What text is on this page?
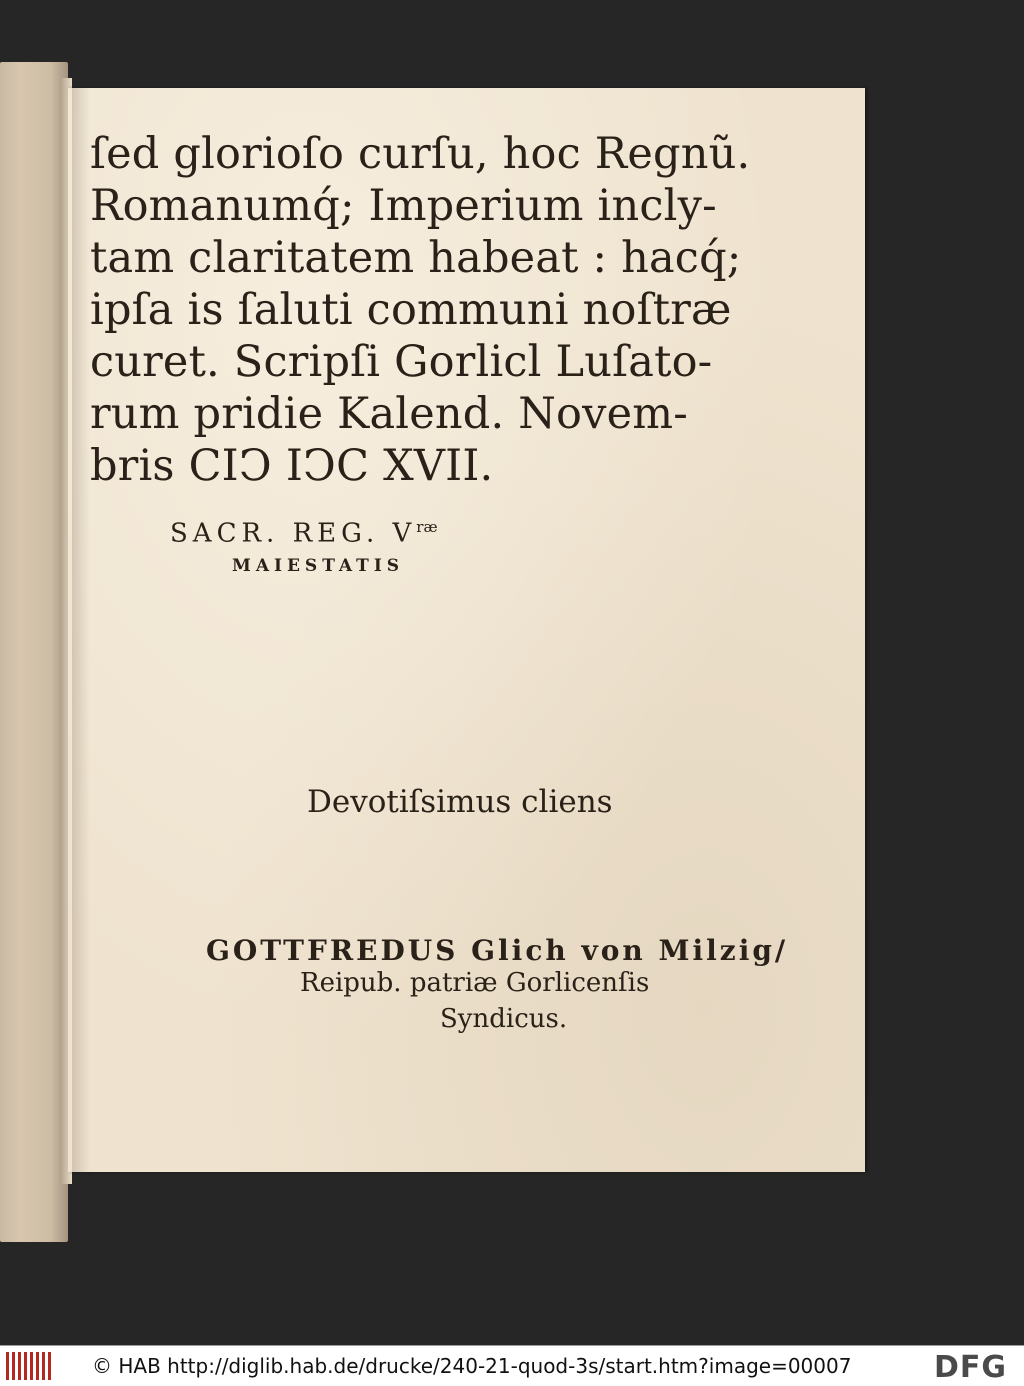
ſed glorioſo curſu, hoc Regnũ.
Romanumq́; Imperium incly-
tam claritatem habeat : hacq́;
ipſa is ſaluti communi noſtræ
curet. Scripſi Gorlicl Luſato-
rum pridie Kalend. Novem-
bris CIↃ IↃC XVII.
SACR. REG. $V^{ræ}$
MAIESTATIS
Devotiſsimus cliens
GOTTFREDUS Glich von Milzig/
Reipub. patriæ Gorlicenſis
Syndicus.
© HAB http://diglib.hab.de/drucke/240-21-quod-3s/start.htm?image=00007	DFG
